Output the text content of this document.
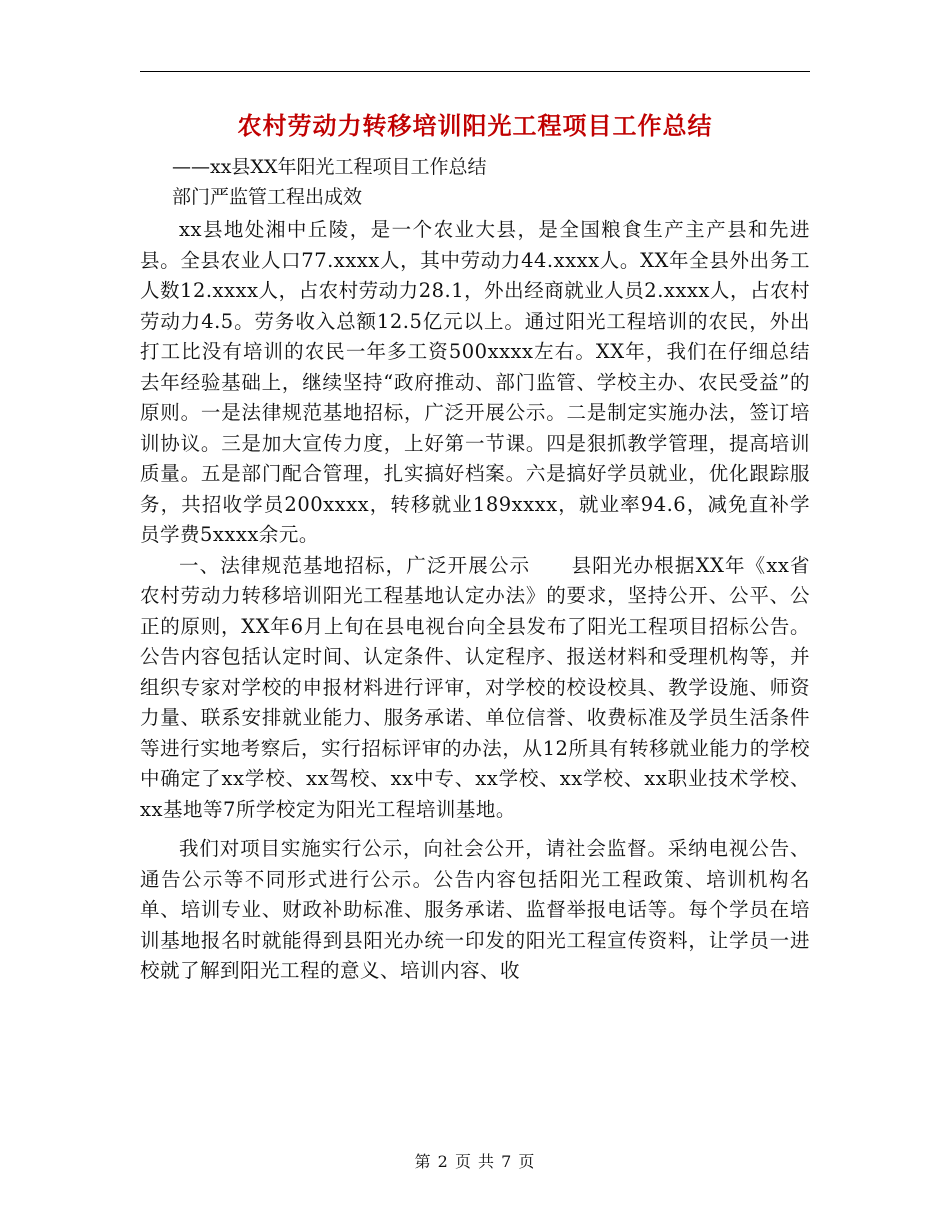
农村劳动力转移培训阳光工程项目工作总结
——xx县XX年阳光工程项目工作总结
部门严监管工程出成效

xx县地处湘中丘陵，是一个农业大县，是全国粮食生产主产县和先进县。全县农业人口77.xxxx人，其中劳动力44.xxxx人。XX年全县外出务工人数12.xxxx人，占农村劳动力28.1，外出经商就业人员2.xxxx人，占农村劳动力4.5。劳务收入总额12.5亿元以上。通过阳光工程培训的农民，外出打工比没有培训的农民一年多工资500xxxx左右。XX年，我们在仔细总结去年经验基础上，继续坚持“政府推动、部门监管、学校主办、农民受益”的原则。一是法律规范基地招标，广泛开展公示。二是制定实施办法，签订培训协议。三是加大宣传力度，上好第一节课。四是狠抓教学管理，提高培训质量。五是部门配合管理，扎实搞好档案。六是搞好学员就业，优化跟踪服务，共招收学员200xxxx，转移就业189xxxx，就业率94.6，减免直补学员学费5xxxx余元。

一、法律规范基地招标，广泛开展公示　　县阳光办根据XX年《xx省农村劳动力转移培训阳光工程基地认定办法》的要求，坚持公开、公平、公正的原则，XX年6月上旬在县电视台向全县发布了阳光工程项目招标公告。公告内容包括认定时间、认定条件、认定程序、报送材料和受理机构等，并组织专家对学校的申报材料进行评审，对学校的校设校具、教学设施、师资力量、联系安排就业能力、服务承诺、单位信誉、收费标准及学员生活条件等进行实地考察后，实行招标评审的办法，从12所具有转移就业能力的学校中确定了xx学校、xx驾校、xx中专、xx学校、xx学校、xx职业技术学校、xx基地等7所学校定为阳光工程培训基地。

我们对项目实施实行公示，向社会公开，请社会监督。采纳电视公告、通告公示等不同形式进行公示。公告内容包括阳光工程政策、培训机构名单、培训专业、财政补助标准、服务承诺、监督举报电话等。每个学员在培训基地报名时就能得到县阳光办统一印发的阳光工程宣传资料，让学员一进校就了解到阳光工程的意义、培训内容、收

第 2 页 共 7 页
